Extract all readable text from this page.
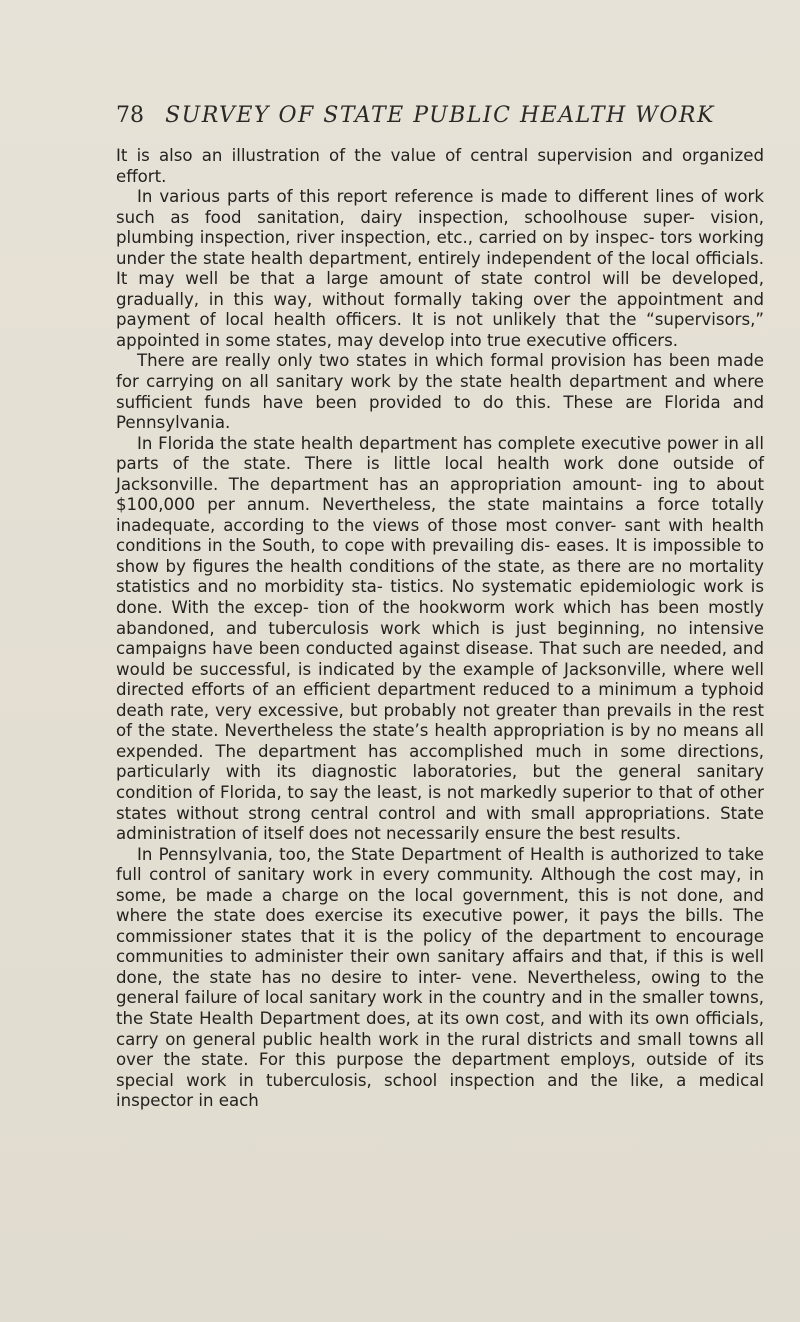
78 SURVEY OF STATE PUBLIC HEALTH WORK

It is also an illustration of the value of central supervision and organized effort.

In various parts of this report reference is made to different lines of work such as food sanitation, dairy inspection, schoolhouse super- vision, plumbing inspection, river inspection, etc., carried on by inspec- tors working under the state health department, entirely independent of the local officials. It may well be that a large amount of state control will be developed, gradually, in this way, without formally taking over the appointment and payment of local health officers. It is not unlikely that the “supervisors,” appointed in some states, may develop into true executive officers.

There are really only two states in which formal provision has been made for carrying on all sanitary work by the state health department and where sufficient funds have been provided to do this. These are Florida and Pennsylvania.

In Florida the state health department has complete executive power in all parts of the state. There is little local health work done outside of Jacksonville. The department has an appropriation amount- ing to about $100,000 per annum. Nevertheless, the state maintains a force totally inadequate, according to the views of those most conver- sant with health conditions in the South, to cope with prevailing dis- eases. It is impossible to show by figures the health conditions of the state, as there are no mortality statistics and no morbidity sta- tistics. No systematic epidemiologic work is done. With the excep- tion of the hookworm work which has been mostly abandoned, and tuberculosis work which is just beginning, no intensive campaigns have been conducted against disease. That such are needed, and would be successful, is indicated by the example of Jacksonville, where well directed efforts of an efficient department reduced to a minimum a typhoid death rate, very excessive, but probably not greater than prevails in the rest of the state. Nevertheless the state’s health appropriation is by no means all expended. The department has accomplished much in some directions, particularly with its diagnostic laboratories, but the general sanitary condition of Florida, to say the least, is not markedly superior to that of other states without strong central control and with small appropriations. State administration of itself does not necessarily ensure the best results.

In Pennsylvania, too, the State Department of Health is authorized to take full control of sanitary work in every community. Although the cost may, in some, be made a charge on the local government, this is not done, and where the state does exercise its executive power, it pays the bills. The commissioner states that it is the policy of the department to encourage communities to administer their own sanitary affairs and that, if this is well done, the state has no desire to inter- vene. Nevertheless, owing to the general failure of local sanitary work in the country and in the smaller towns, the State Health Department does, at its own cost, and with its own officials, carry on general public health work in the rural districts and small towns all over the state. For this purpose the department employs, outside of its special work in tuberculosis, school inspection and the like, a medical inspector in each
